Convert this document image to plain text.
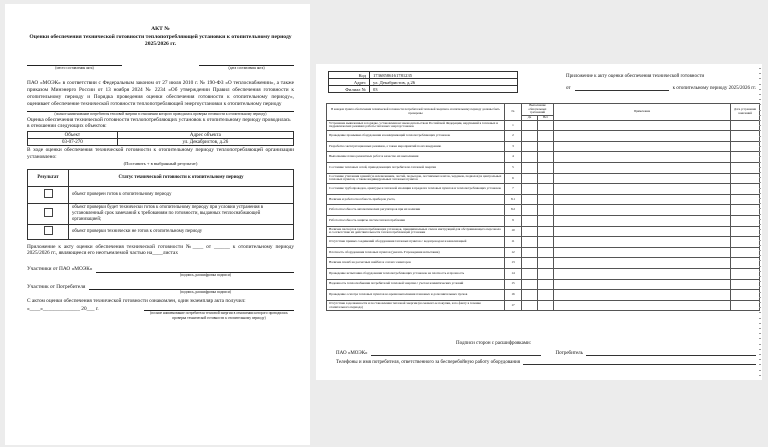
АКТ №
Оценки обеспечения технической готовности теплопотребляющей установки к отопительному периоду 2025/2026 гг.
(место составления акта)	(дата составления акта)
ПАО «МОЭК» в соответствии с Федеральным законом от 27 июля 2010 г. № 190-ФЗ «О теплоснабжении», а также приказом Минэнерго России от 13 ноября 2024 № 2234 «Об утверждении Правил обеспечения готовности к отопительному периоду и Порядка проведения оценки обеспечения готовности к отопительному периоду», оценивает обеспечение технической готовности теплопотребляющей энергоустановки к отопительному периоду
(полное наименование потребителя тепловой энергии в отношении которого проводилась проверка готовности к отопительному периоду)
Оценка обеспечения технической готовности теплопотребляющих установок к отопительному периоду проводилась в отношении следующих объектов:
Объект	Адрес объекта
03-07-270	ул. Декабристов, д.26
В ходе оценки обеспечения технической готовности к отопительному периоду теплопотребляющей организации установлено:
(Поставить + в выбранный результат)
Результат	Статус технической готовности к отопительному периоду
	объект проверен готов к отопительному периоду
	объект проверки будет технически готов к отопительному периоду при условии устранения в установленный срок замечаний к требованиям по готовности, выданных теплоснабжающей организацией;
	объект проверки технически не готов к отопительному периоду
Приложение к акту оценки обеспечения технической готовности №____ от ______ к отопительному периоду 2025/2026 гг., являющееся его неотъемлемой частью на____листах
Участники от ПАО «МОЭК»
(подпись, расшифровка подписи)
Участник от Потребителя
(подпись, расшифровка подписи)
С актом оценки обеспечения технической готовности ознакомлен, один экземпляр акта получил:
«____»______________ 20___ г.
(полное наименование потребителя тепловой энергии в отношении которого проводилась проверка технической готовности к отопительному периоду)
Код	17368586161781235
Адрес	ул. Декабристов, д.26
Филиал №	03
Приложение к акту оценки обеспечения технической готовности
от	к отопительному периоду 2025/2026 гг.
В каждом пункте обеспечения технической готовности потребителей тепловой энергии к отопительному периоду должны быть проверены	№	Выполнение обязательных требований		Примечание	Дата устранения замечаний
		Да	Нет		
Устранение выявленных в порядке, установленном законодательством Российской Федерации, нарушений в тепловых и гидравлических режимах работы тепловых энергоустановок	1				
Проведение промывки оборудования и коммуникаций теплопотребляющих установок	2				
Разработка эксплуатационных режимов, а также мероприятий по их внедрению	3				
Выполнение плана ремонтных работ и качество их выполнения	4				
Состояние тепловых сетей, принадлежащих потребителю тепловой энергии	5				
Состояние утепления зданий (за исключением, частей, подъездов, лестничных клеток, чердаков, подвалов) и центральных тепловых пунктов, а также индивидуальных тепловых пунктов	6				
Состояние трубопроводов, арматуры и тепловой изоляции в пределах тепловых пунктов и теплопотребляющих установок	7				
Наличие и работоспособность приборов учета,	8.1				
Работоспособность автоматических регуляторов при их наличии	8.2				
Работоспособность защиты систем теплопотребления	9				
Наличие паспортов теплопотребляющих установок, принципиальных схем и инструкций для обслуживающего персонала и соответствие их действительности теплопотребляющей установки	10				
Отсутствие прямых соединений оборудования тепловых пунктов с водопроводом и канализацией	11				
Плотность оборудования тепловых пунктов (указать Р проведения испытания)	12				
Наличие пломб на расчетных шайбах и соплах элеваторов	13				
Проведение испытания оборудования теплопотребляющих установок на плотность и прочность	14				
Надежность теплоснабжения потребителей тепловой энергии с учетом климатических условий	15				
Проведение осмотра тепловых пунктов во время выполнения плановых и дополнительных пусков	16				
Отсутствие задолженности и постановления тепловой энергии (на момент ее покупки, и по факту в течение отопительного периода)	17				
Подписи сторон с расшифровками:
ПАО «МОЭК»	Потребитель
Телефоны и имя потребителя, ответственного за бесперебойную работу оборудования
